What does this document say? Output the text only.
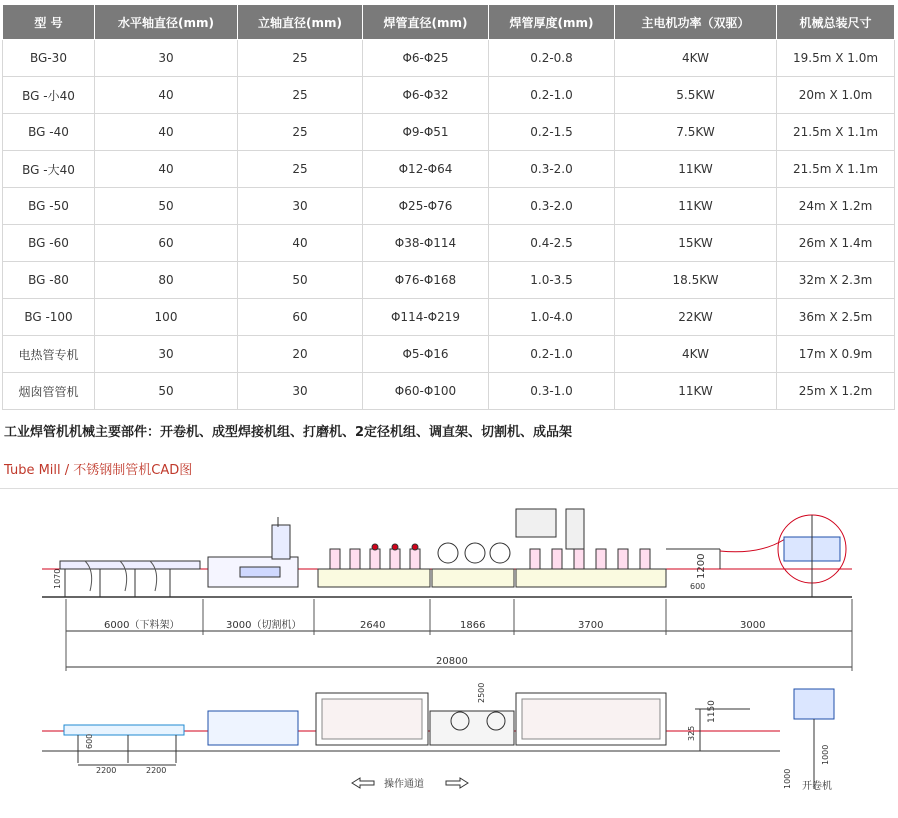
型 号	水平轴直径(mm)	立轴直径(mm)	焊管直径(mm)	焊管厚度(mm)	主电机功率（双驱）	机械总装尺寸
BG-30	30	25	Φ6-Φ25	0.2-0.8	4KW	19.5m X 1.0m
BG -小40	40	25	Φ6-Φ32	0.2-1.0	5.5KW	20m X 1.0m
BG -40	40	25	Φ9-Φ51	0.2-1.5	7.5KW	21.5m X 1.1m
BG -大40	40	25	Φ12-Φ64	0.3-2.0	11KW	21.5m X 1.1m
BG -50	50	30	Φ25-Φ76	0.3-2.0	11KW	24m X 1.2m
BG -60	60	40	Φ38-Φ114	0.4-2.5	15KW	26m X 1.4m
BG -80	80	50	Φ76-Φ168	1.0-3.5	18.5KW	32m X 2.3m
BG -100	100	60	Φ114-Φ219	1.0-4.0	22KW	36m X 2.5m
电热管专机	30	20	Φ5-Φ16	0.2-1.0	4KW	17m X 0.9m
烟囱管管机	50	30	Φ60-Φ100	0.3-1.0	11KW	25m X 1.2m
工业焊管机机械主要部件：开卷机、成型焊接机组、打磨机、2定径机组、调直架、切割机、成品架
Tube Mill / 不锈钢制管机CAD图
6000（下料架）	3000（切割机）	2640	1866	3700	3000
20800
1200
600
1070
操作通道	开卷机
2200	2200
1150
325
1000
1000
600
2500
